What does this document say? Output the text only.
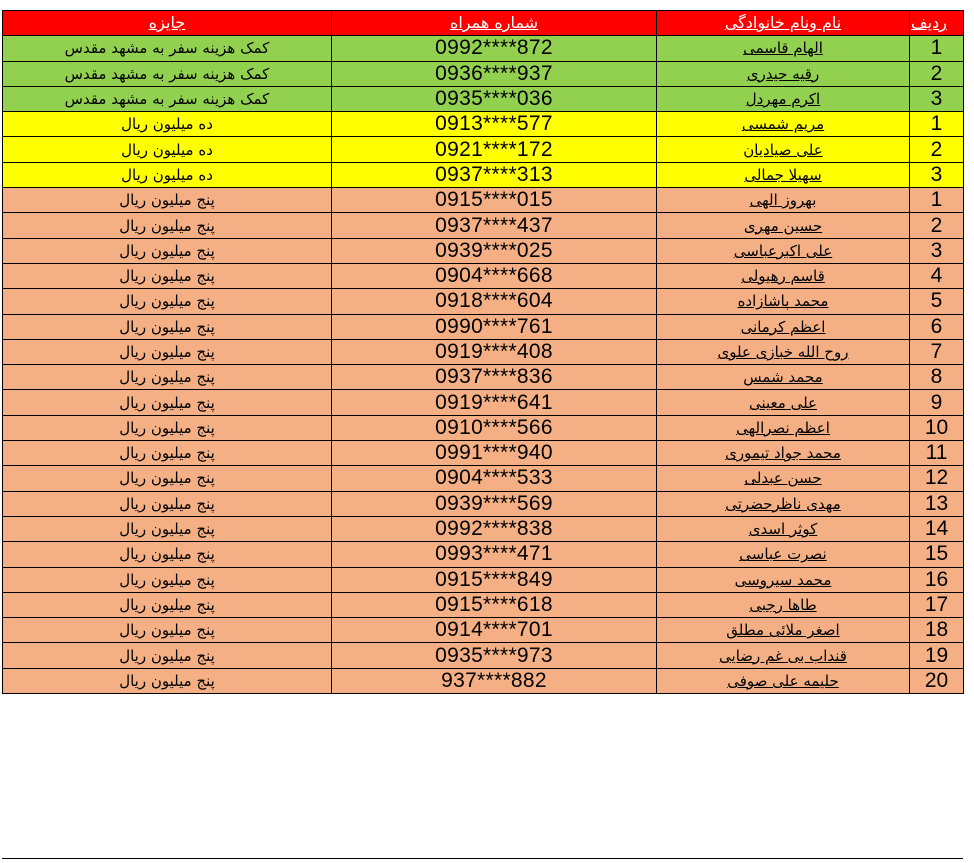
جایزه	شماره همراه	نام ونام خانوادگی	ردیف
کمک هزینه سفر به مشهد مقدس	0992****872	الهام قاسمی	1
کمک هزینه سفر به مشهد مقدس	0936****937	رقیه حیدری	2
کمک هزینه سفر به مشهد مقدس	0935****036	اکرم مهردل	3
ده میلیون ریال	0913****577	مریم شمسی	1
ده میلیون ریال	0921****172	علی صیادیان	2
ده میلیون ریال	0937****313	سهیلا جمالی	3
پنج میلیون ریال	0915****015	بهروز الهی	1
پنج میلیون ریال	0937****437	حسین مهری	2
پنج میلیون ریال	0939****025	علی اکبرعباسی	3
پنج میلیون ریال	0904****668	قاسم رهیولی	4
پنج میلیون ریال	0918****604	محمد پاشازاده	5
پنج میلیون ریال	0990****761	اعظم کرمانی	6
پنج میلیون ریال	0919****408	روح الله خبازی علوی	7
پنج میلیون ریال	0937****836	محمد شمس	8
پنج میلیون ریال	0919****641	علی معینی	9
پنج میلیون ریال	0910****566	اعظم نصرالهی	10
پنج میلیون ریال	0991****940	محمد جواد تیموری	11
پنج میلیون ریال	0904****533	حسن عبدلی	12
پنج میلیون ریال	0939****569	مهدی ناظرحضرتی	13
پنج میلیون ریال	0992****838	کوثر اسدی	14
پنج میلیون ریال	0993****471	نصرت عباسی	15
پنج میلیون ریال	0915****849	محمد سیروسی	16
پنج میلیون ریال	0915****618	طاها رجبی	17
پنج میلیون ریال	0914****701	اصغر ملائی مطلق	18
پنج میلیون ریال	0935****973	قنداب بی غم رضایی	19
پنج میلیون ریال	937****882	حلیمه علی صوفی	20
